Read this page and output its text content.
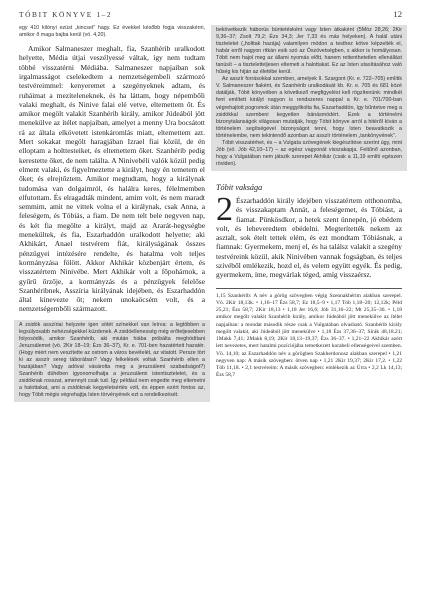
TÓBIT KÖNYVE 1–2	12

egy 410 kilónyi ezüst „kincset” hagy. Ez évekkel később fogja visszakérni, amikor ő maga bajba kerül (vö. 4,20).

Amikor Salmaneszer meghalt, fia, Szanhérib uralkodott helyette, Média útjai veszélyessé váltak, így nem tudtam többé visszatérni Médiába. Salmaneszer napjaiban sok irgalmasságot cselekedtem a nemzetségembeli szármozó testvéreimmel: kenyeremet a szegényeknek adtam, és ruháimat a mezíteleneknek, és ha láttam, hogy népembőli valaki meghalt, és Ninive falai elé vetve, eltemettem őt. És amikor megölt valakit Szanhérib király, amikor Júdeából jött menekülve az ítélet napjaiban, amelyet a menny Ura bocsátott rá az általa elkövetett istenkáromlás miatt, eltemettem azt. Mert sokakat megölt haragjában Izrael fiai közül, de én elloptam a holttesteiket, és eltemettem őket. Szanhérib pedig kerestette őket, de nem találta. A Ninivebéli valók közül pedig elment valaki, és figyelmeztette a királyt, hogy én temetem el őket; és elrejtőztem. Amikor megtudtam, hogy a királynak tudomása van dolgaimról, és halálra keres, félelmemben elfutottam. És elragadták mindent, amim volt, és nem maradt semmim, amit ne vittek volna el a királynak, csak Anna, a feleségem, és Tóbiás, a fiam. De nem telt bele negyven nap, és két fia megölte a királyt, majd az Ararát-hegységbe menekültek, és fia, Eszarhaddón uralkodott helyette; aki Akhikárt, Anael testvérem fiát, királyságának összes pénzügyei intézésére rendelte, és hatalma volt teljes kormányzása fölött. Akkor Akhikár közbenjárt értem, és visszatértem Ninivébe. Mert Akhikár volt a főpohárnok, a gyűrű őrzője, a kormányzás és a pénzügyek felelőse Szanhéribnek, Asszíria királyának idejében, és Eszarhaddón által kinevezte őt; nekem unokaöcsém volt, és a nemzetségembőli származott.

A zsidók asszíriai helyzete igen sötét színekkel van leírva: a legtöbben a legsúlyosabb nehézségekkel küzdenek. A zsidóellenesség még erőteljesebben folyosódik, amikor Szanhérib, aki miután hiába próbálta meghódítani Jeruzsálemet (vö. 2Kir 18–19; Ézs 36–37), Kr. e. 701-ben hazatérteit hazatér. (Hogy miért nem veszítette az ostrom a város bevételét, az vitatott. Persze tört ki az asszír sereg táborában? Vagy felkelések voltak Szanhérib ellen a hazájában? Vagy adóval vásárolta meg a jeruzsálemi szabadságot?) Szanhérib dühében igyonomolhatja a jeruzsálemi istentiszteletet, és a zsidóknak rosszat, amennyit csak tud. Így például nem engedte meg eltemetni a halottakat, ami a zsidóknak kegyeletsértés volt, és éppen ezért fontos az, hogy Tóbit mégis végrehajtja Isten törvényének ezt a rendelkezését.

bekövetkezik háborús büntetésként vagy Isten átkaként (5Móz 28,26; 2Kir 9,36–37; Zsolt 79,2; Ézs 34,3; Jer 7,33 és más helyeken). A halál utáni tiszteletet („holttak hazája) valamilyen módon a testhez kötve képzelték el, habár erről nagyon ritkán esik szó az Ószövetségben, s akkor is homályosan. Tóbit nem hajol meg az állami nyomás előtt, hanem rettenthetetlen ellenállást tanúsít – a tiszteletteljesen eltemeti a halottakat. Ez az Isten utasításához való hűség kis híján az életébe kerül.

Az asszír forrásokkal szemben, amelyek II. Szargont (Kr. e. 722–705) említik V. Salmaneszer fiaként, és Szanhérib uralkodását kb. Kr. e. 705 és 681 közé datálják, Tóbit könyvében a következő megfigyelést kell rögzítenünk: mindkét fent említett királyt nagyon is rendszeres nappal a Kr. e. 701/700-ban végrehajtott pogromok útán meggyilkolta fia, Eszarhaddón, így bűntetve meg a zsidókkal szembeni kegyetlen bánásmódért. Ezek a történelmi bizonytalanságok világosan mutatják, hogy Tóbit könyve arról a hitéről kíván a történelem segítségével bizonyságot tenni, hogy Isten beavatkozik a történelembe, nem tekintendő azonban az asszír történelem „tankönyvének”.

Tóbit visszatérhet, és – a Vulgata szövegének kiegészítése szerint úgy, mint Jób (vö. Jób 42,10–17) – az egész vagyonát visszakapja. Feltűnő azonban, hogy a Vulgatában nem játszik szerepet Akhikár (csak a 11,19 említi egészen röviden).

Tóbit vaksága
2 Észarhaddón király idejében visszatértem otthonomba, és visszakaptam Annát, a feleségemet, és Tóbiást, a fiamat. Pünkösdkor, a hetek szent ünnepén, jó ebédem volt, és leheveredtem ebédelni. Megterítették nekem az asztalt, sok ételt tettek elém, és ezt mondtam Tóbiásnak, a fiamnak: Gyermekem, menj el, és ha találsz valakit a szegény testvéreink közül, akik Ninivében vannak fogságban, és teljes szívéből emlékezik, hozd el, és velem együtt egyék. És pedig, gyermekem, íme, megvárlak téged, amíg visszaérsz.

1,15 Szanhérib: A név a görög szövegben végig Szennakhérim alakban szerepel. Vö. 2Kir 18,13k. • 1,16–17 Ézs 58,7; Ez 18,5–9 • 1,17 Tób 1,18–20; 12,12k; Péld 25,21; Ézs 58,7; 2Kir 18,13 • 1,18 Jer 16,6; Jób 31,16–22; Mt 25,35–36. • 1,18 amikor megölt valakit Szanhérib király, amikor Júdeából jött menekülve az ítélet napjaiban: a mondat második része csak a Vulgatában olvasható. Szanhérib király megölt valakit, aki Júdeából jött menekülve • 1,18 Ézs 37,36–37; Sírák 48,18.21; 1Makk 7,41; 2Makk 8,19; 2Kir 18,13–19,37; Ézs 36–37. • 1,21–22 Akhikár azért lett nevezetes, mert hatalmi pozíciójába temetkezett korabeli ellenségeivel szemben. Vö. 14,10; az Eszarhaddón név a görögben Szakherdonosz alakban szerepel • 1,21 negyven nap: A másik szövegben: ötven nap • 1,21 2Kir 19,37; 2Kir 17,2. • 1,22 Tób 11,18. • 2,1 testvéreim: A másik szövegben: emlékezik az Úrra • 2,2 Lk 14,13; Ézs 58,7
